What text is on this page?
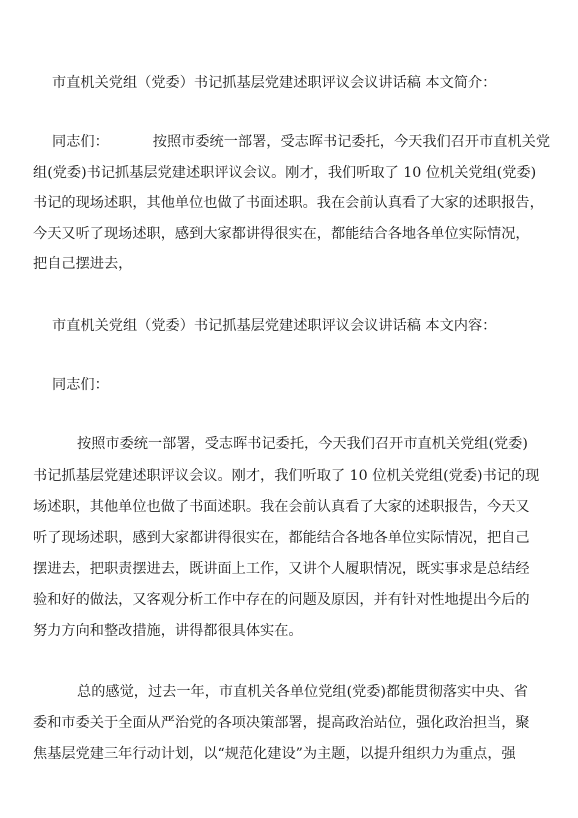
市直机关党组（党委）书记抓基层党建述职评议会议讲话稿 本文简介：
同志们：	按照市委统一部署，受志晖书记委托，今天我们召开市直机关党
组(党委)书记抓基层党建述职评议会议。刚才，我们听取了 10 位机关党组(党委)
书记的现场述职，其他单位也做了书面述职。我在会前认真看了大家的述职报告，
今天又听了现场述职，感到大家都讲得很实在，都能结合各地各单位实际情况，
把自己摆进去，
市直机关党组（党委）书记抓基层党建述职评议会议讲话稿 本文内容：
同志们：
按照市委统一部署，受志晖书记委托，今天我们召开市直机关党组(党委)
书记抓基层党建述职评议会议。刚才，我们听取了 10 位机关党组(党委)书记的现
场述职，其他单位也做了书面述职。我在会前认真看了大家的述职报告，今天又
听了现场述职，感到大家都讲得很实在，都能结合各地各单位实际情况，把自己
摆进去，把职责摆进去，既讲面上工作，又讲个人履职情况，既实事求是总结经
验和好的做法，又客观分析工作中存在的问题及原因，并有针对性地提出今后的
努力方向和整改措施，讲得都很具体实在。
总的感觉，过去一年，市直机关各单位党组(党委)都能贯彻落实中央、省
委和市委关于全面从严治党的各项决策部署，提高政治站位，强化政治担当，聚
焦基层党建三年行动计划，以“规范化建设”为主题，以提升组织力为重点，强
